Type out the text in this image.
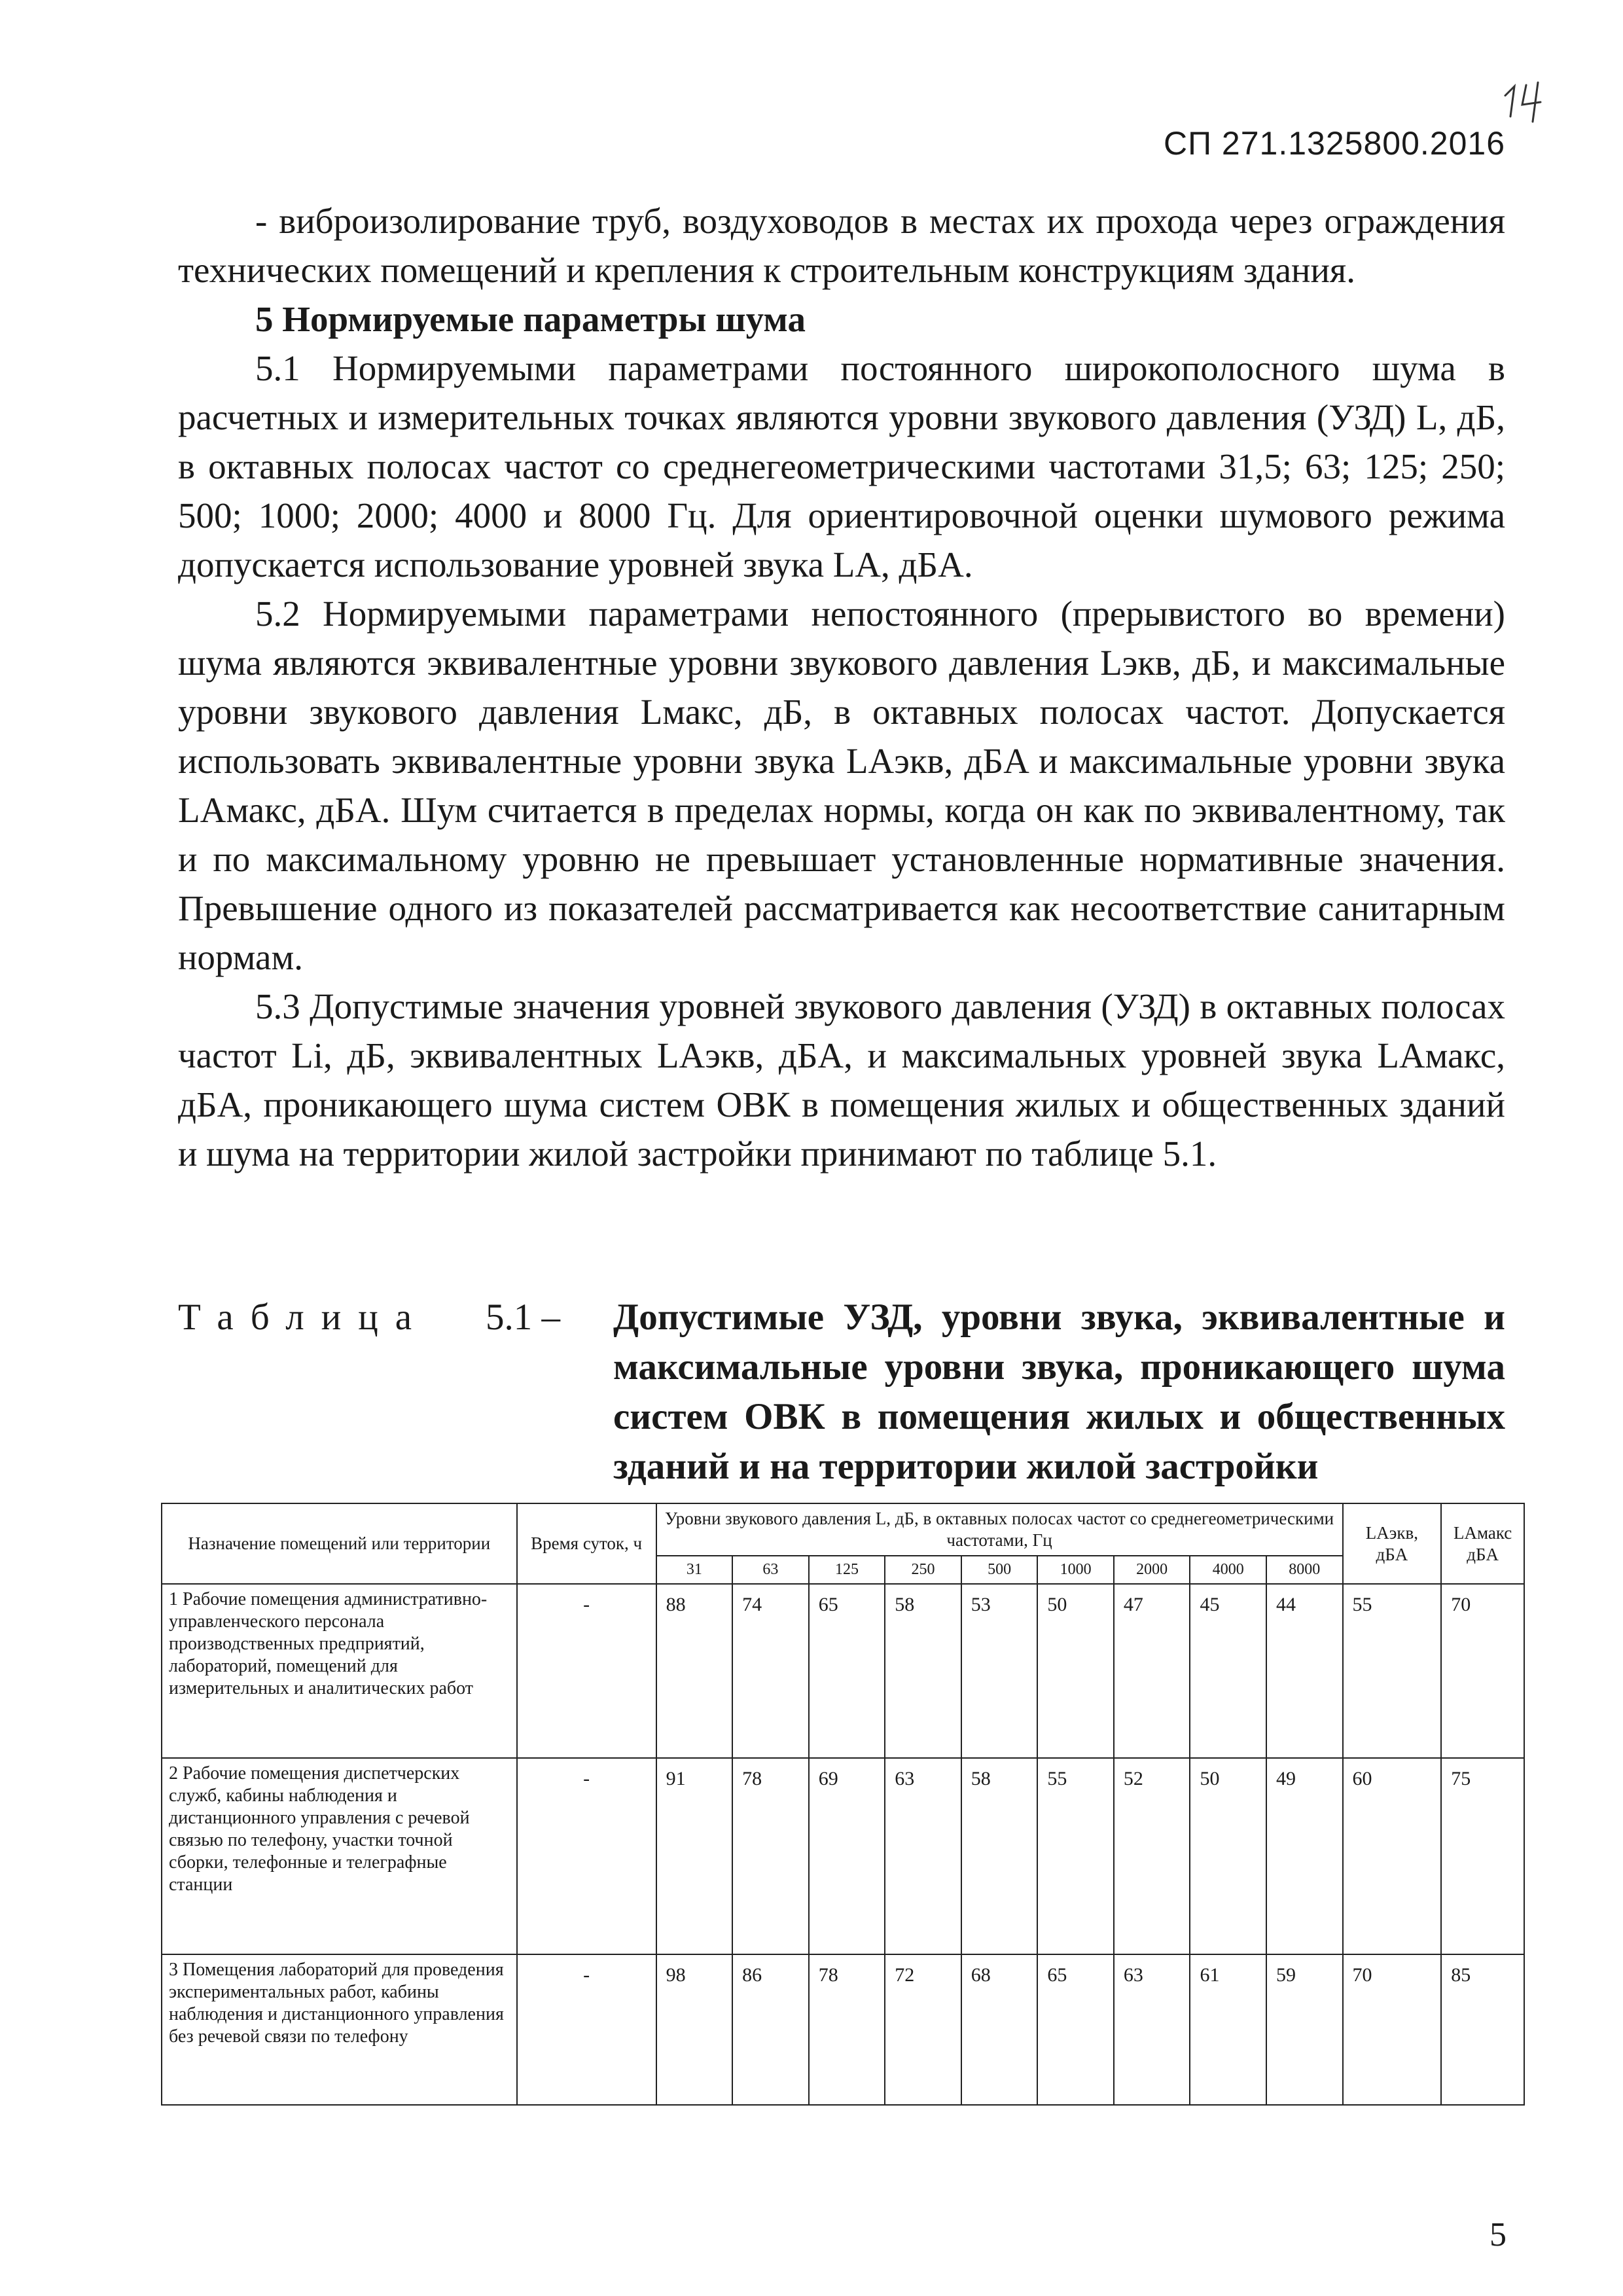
СП 271.1325800.2016

- виброизолирование труб, воздуховодов в местах их прохода через ограждения технических помещений и крепления к строительным конструкциям здания.

5 Нормируемые параметры шума

5.1 Нормируемыми параметрами постоянного широкополосного шума в расчетных и измерительных точках являются уровни звукового давления (УЗД) L, дБ, в октавных полосах частот со среднегеометрическими частотами 31,5; 63; 125; 250; 500; 1000; 2000; 4000 и 8000 Гц. Для ориентировочной оценки шумового режима допускается использование уровней звука LA, дБA.

5.2 Нормируемыми параметрами непостоянного (прерывистого во времени) шума являются эквивалентные уровни звукового давления Lэкв, дБ, и максимальные уровни звукового давления Lмакс, дБ, в октавных полосах частот. Допускается использовать эквивалентные уровни звука LAэкв, дБA и максимальные уровни звука LAмакс, дБA. Шум считается в пределах нормы, когда он как по эквивалентному, так и по максимальному уровню не превышает установленные нормативные значения. Превышение одного из показателей рассматривается как несоответствие санитарным нормам.

5.3 Допустимые значения уровней звукового давления (УЗД) в октавных полосах частот Li, дБ, эквивалентных LAэкв, дБA, и максимальных уровней звука LAмакс, дБA, проникающего шума систем ОВК в помещения жилых и общественных зданий и шума на территории жилой застройки принимают по таблице 5.1.

Таблица	5.1 –	Допустимые УЗД, уровни звука, эквивалентные и максимальные уровни звука, проникающего шума систем ОВК в помещения жилых и общественных зданий и на территории жилой застройки
Назначение помещений или территории	Время суток, ч	Уровни звукового давления L, дБ, в октавных полосах частот со среднегеометрическими частотами, Гц									LAэкв, дБA	LAмакс дБA
		31	63	125	250	500	1000	2000	4000	8000		
1 Рабочие помещения административно-управленческого персонала производственных предприятий, лабораторий, помещений для измерительных и аналитических работ	-	88	74	65	58	53	50	47	45	44	55	70
2 Рабочие помещения диспетчерских служб, кабины наблюдения и дистанционного управления с речевой связью по телефону, участки точной сборки, телефонные и телеграфные станции	-	91	78	69	63	58	55	52	50	49	60	75
3 Помещения лабораторий для проведения экспериментальных работ, кабины наблюдения и дистанционного управления без речевой связи по телефону	-	98	86	78	72	68	65	63	61	59	70	85
5
